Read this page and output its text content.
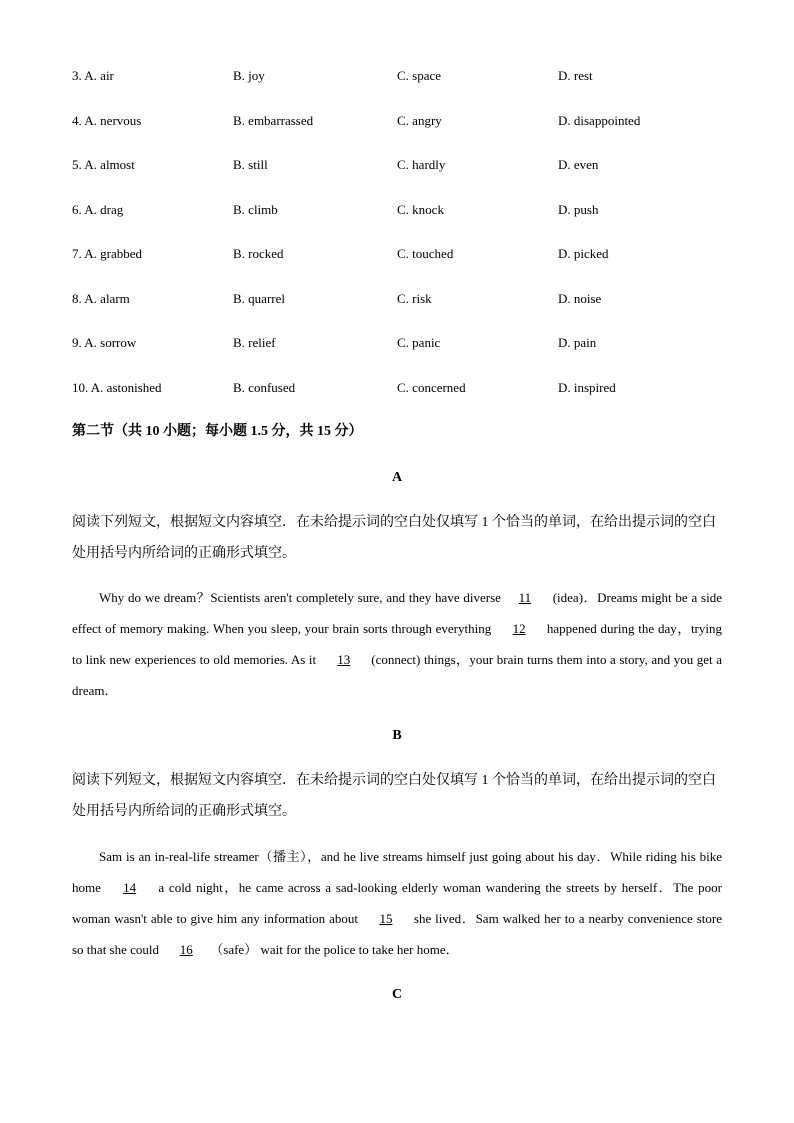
3. A. air	B. joy	C. space	D. rest
4. A. nervous	B. embarrassed	C. angry	D. disappointed
5. A. almost	B. still	C. hardly	D. even
6. A. drag	B. climb	C. knock	D. push
7. A. grabbed	B. rocked	C. touched	D. picked
8. A. alarm	B. quarrel	C. risk	D. noise
9. A. sorrow	B. relief	C. panic	D. pain
10. A. astonished	B. confused	C. concerned	D. inspired
第二节（共 10 小题；每小题 1.5 分，共 15 分）
A
阅读下列短文，根据短文内容填空．在未给提示词的空白处仅填写 1 个恰当的单词，在给出提示词的空白处用括号内所给词的正确形式填空。
Why do we dream？Scientists aren't completely sure, and they have diverse 11 (idea)．Dreams might be a side effect of memory making. When you sleep, your brain sorts through everything 12 happened during the day，trying to link new experiences to old memories. As it 13 (connect) things，your brain turns them into a story, and you get a dream．
B
阅读下列短文，根据短文内容填空．在未给提示词的空白处仅填写 1 个恰当的单词，在给出提示词的空白处用括号内所给词的正确形式填空。
Sam is an in-real-life streamer（播主），and he live streams himself just going about his day．While riding his bike home 14 a cold night，he came across a sad-looking elderly woman wandering the streets by herself．The poor woman wasn't able to give him any information about 15 she lived．Sam walked her to a nearby convenience store so that she could 16 （safe） wait for the police to take her home．
C
